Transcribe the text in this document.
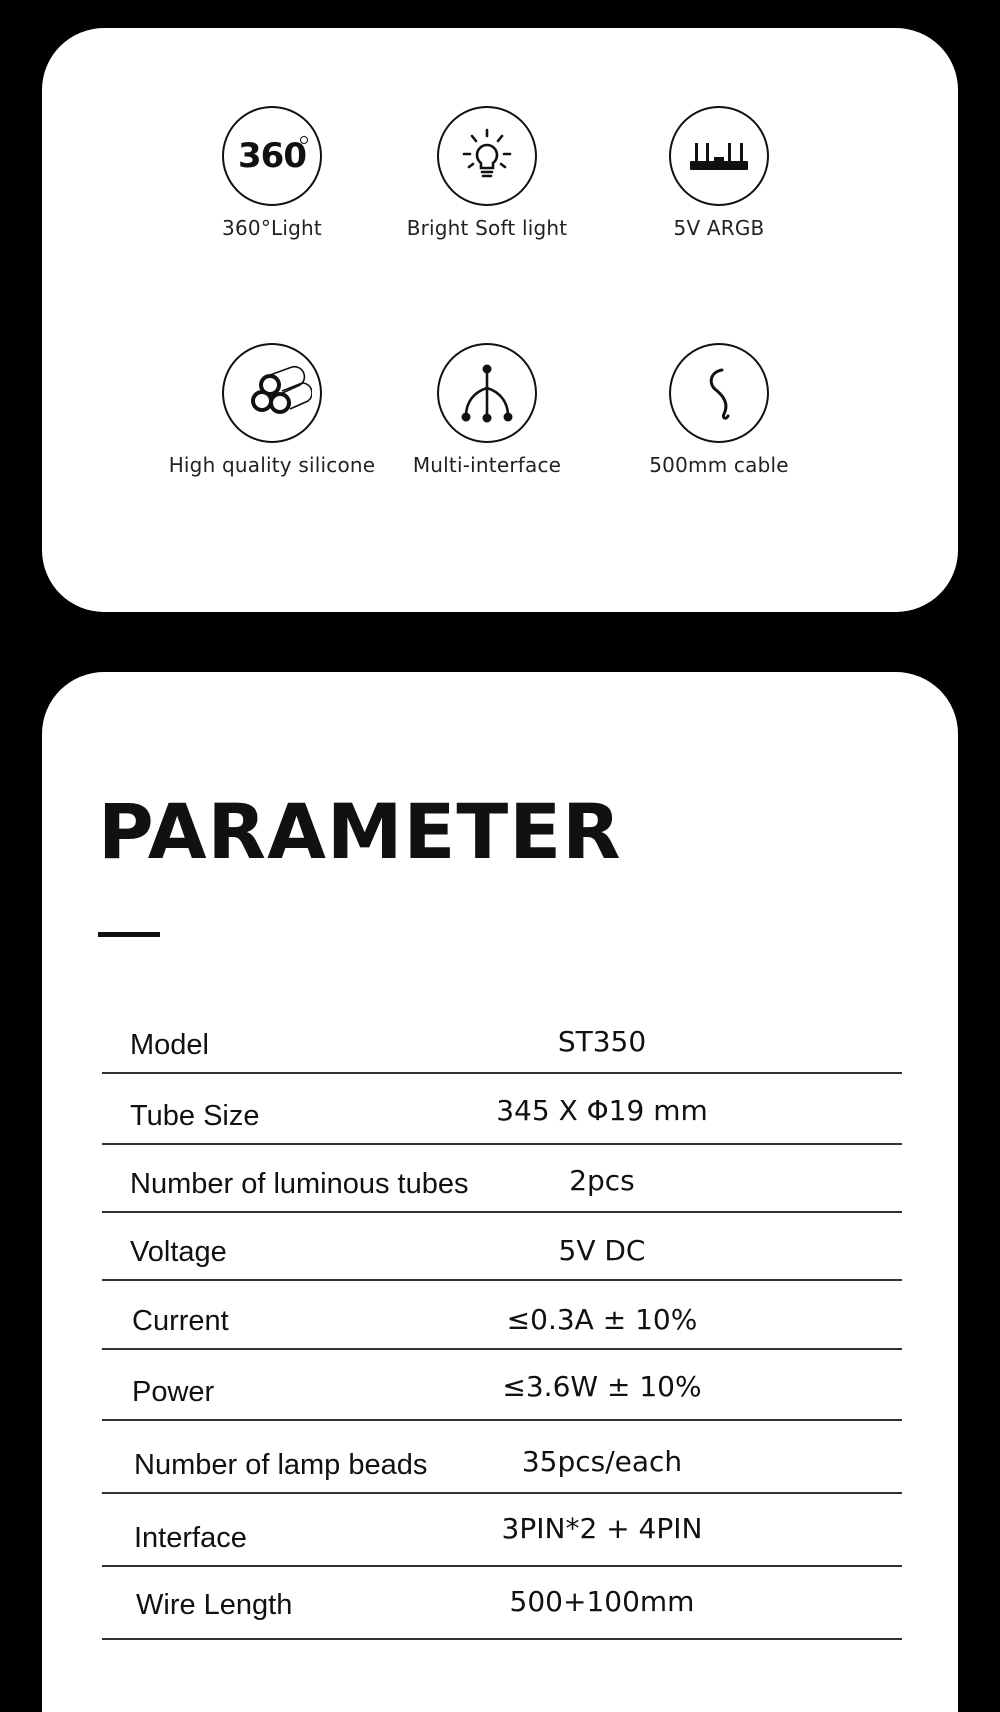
360
360°Light	Bright Soft light	5V ARGB
High quality silicone	Multi-interface	500mm cable
PARAMETER
Model	ST350
Tube Size	345 X Φ19 mm
Number of luminous tubes	2pcs
Voltage	5V DC
Current	≤0.3A ± 10%
Power	≤3.6W ± 10%
Number of lamp beads	35pcs/each
Interface	3PIN*2 + 4PIN
Wire Length	500+100mm
